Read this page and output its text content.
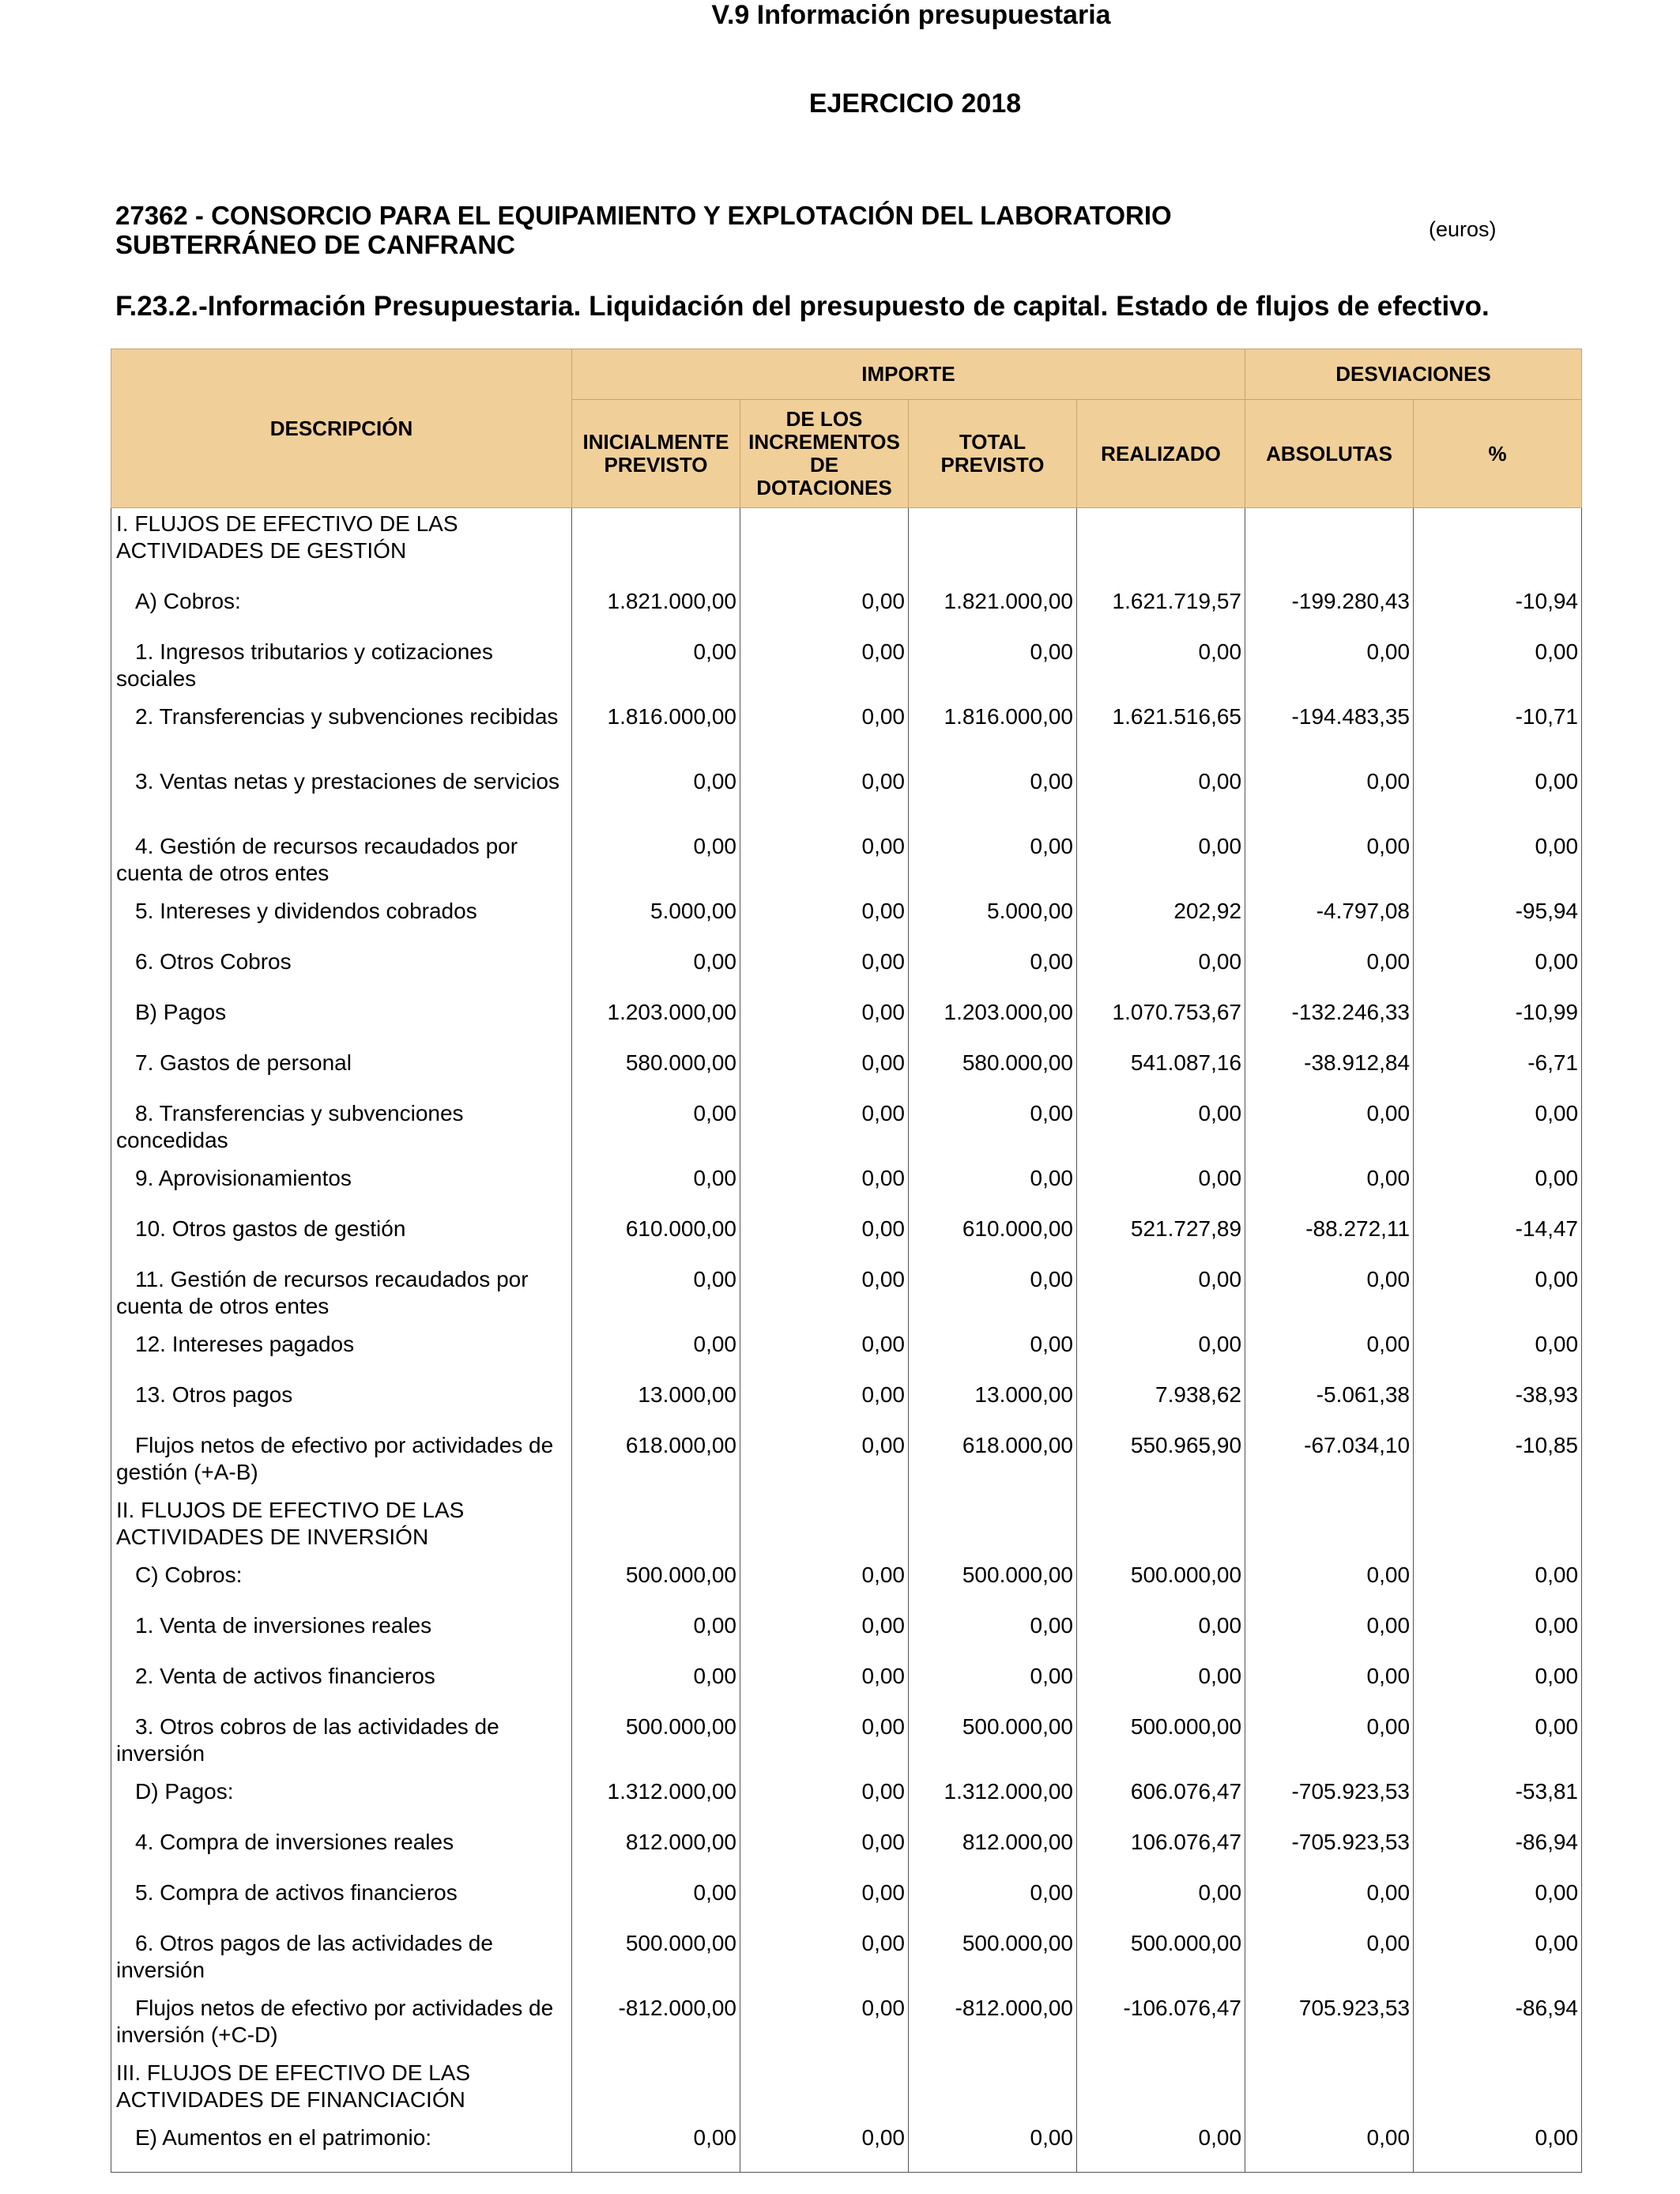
V.9 Información presupuestaria
EJERCICIO 2018
27362 - CONSORCIO PARA EL EQUIPAMIENTO Y EXPLOTACIÓN DEL LABORATORIO SUBTERRÁNEO DE CANFRANC
(euros)
F.23.2.-Información Presupuestaria. Liquidación del presupuesto de capital. Estado de flujos de efectivo.
DESCRIPCIÓN	IMPORTE				DESVIACIONES	
	INICIALMENTE PREVISTO	DE LOS INCREMENTOS DE DOTACIONES	TOTAL PREVISTO	REALIZADO	ABSOLUTAS	%
I. FLUJOS DE EFECTIVO DE LAS ACTIVIDADES DE GESTIÓN						
A) Cobros:	1.821.000,00	0,00	1.821.000,00	1.621.719,57	-199.280,43	-10,94
1. Ingresos tributarios y cotizaciones sociales	0,00	0,00	0,00	0,00	0,00	0,00
2. Transferencias y subvenciones recibidas	1.816.000,00	0,00	1.816.000,00	1.621.516,65	-194.483,35	-10,71
3. Ventas netas y prestaciones de servicios	0,00	0,00	0,00	0,00	0,00	0,00
4. Gestión de recursos recaudados por cuenta de otros entes	0,00	0,00	0,00	0,00	0,00	0,00
5. Intereses y dividendos cobrados	5.000,00	0,00	5.000,00	202,92	-4.797,08	-95,94
6. Otros Cobros	0,00	0,00	0,00	0,00	0,00	0,00
B) Pagos	1.203.000,00	0,00	1.203.000,00	1.070.753,67	-132.246,33	-10,99
7. Gastos de personal	580.000,00	0,00	580.000,00	541.087,16	-38.912,84	-6,71
8. Transferencias y subvenciones concedidas	0,00	0,00	0,00	0,00	0,00	0,00
9. Aprovisionamientos	0,00	0,00	0,00	0,00	0,00	0,00
10. Otros gastos de gestión	610.000,00	0,00	610.000,00	521.727,89	-88.272,11	-14,47
11. Gestión de recursos recaudados por cuenta de otros entes	0,00	0,00	0,00	0,00	0,00	0,00
12. Intereses pagados	0,00	0,00	0,00	0,00	0,00	0,00
13. Otros pagos	13.000,00	0,00	13.000,00	7.938,62	-5.061,38	-38,93
Flujos netos de efectivo por actividades de gestión (+A-B)	618.000,00	0,00	618.000,00	550.965,90	-67.034,10	-10,85
II. FLUJOS DE EFECTIVO DE LAS ACTIVIDADES DE INVERSIÓN						
C) Cobros:	500.000,00	0,00	500.000,00	500.000,00	0,00	0,00
1. Venta de inversiones reales	0,00	0,00	0,00	0,00	0,00	0,00
2. Venta de activos financieros	0,00	0,00	0,00	0,00	0,00	0,00
3. Otros cobros de las actividades de inversión	500.000,00	0,00	500.000,00	500.000,00	0,00	0,00
D) Pagos:	1.312.000,00	0,00	1.312.000,00	606.076,47	-705.923,53	-53,81
4. Compra de inversiones reales	812.000,00	0,00	812.000,00	106.076,47	-705.923,53	-86,94
5. Compra de activos financieros	0,00	0,00	0,00	0,00	0,00	0,00
6. Otros pagos de las actividades de inversión	500.000,00	0,00	500.000,00	500.000,00	0,00	0,00
Flujos netos de efectivo por actividades de inversión (+C-D)	-812.000,00	0,00	-812.000,00	-106.076,47	705.923,53	-86,94
III. FLUJOS DE EFECTIVO DE LAS ACTIVIDADES DE FINANCIACIÓN						
E) Aumentos en el patrimonio:	0,00	0,00	0,00	0,00	0,00	0,00
